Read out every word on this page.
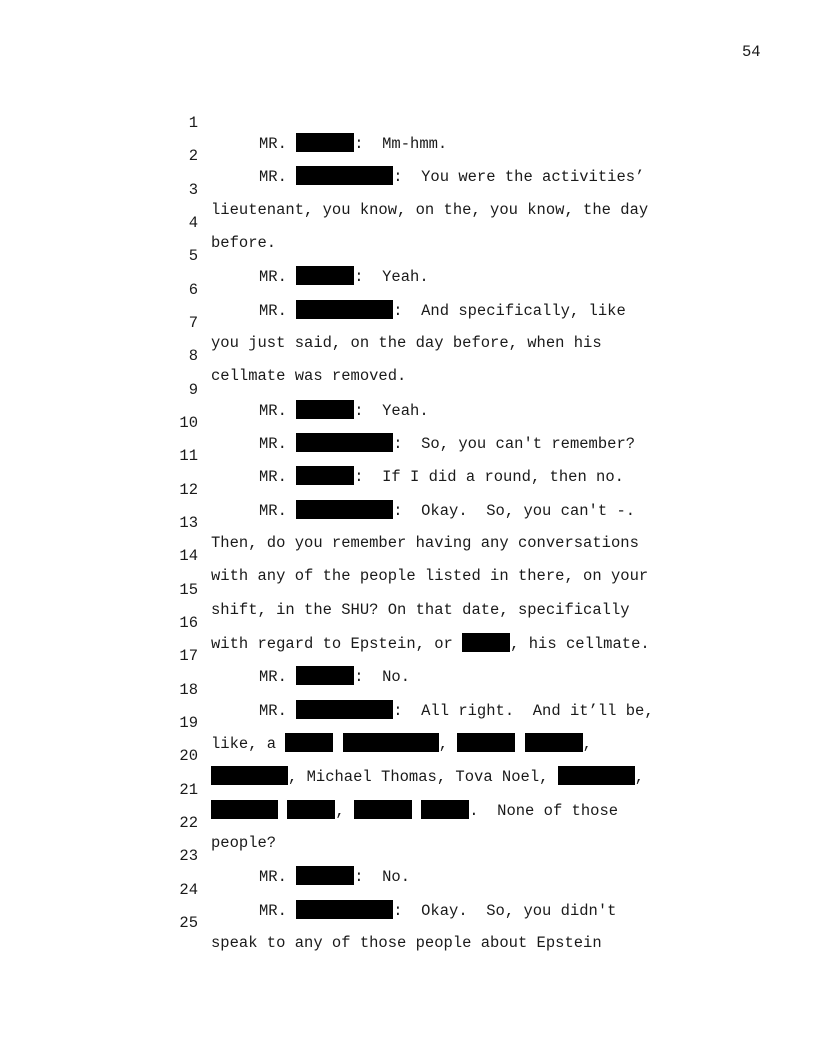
54

1

MR.	:  Mm-hmm.

2

MR.	:  You were the activities’

3

lieutenant, you know, on the, you know, the day

4

before.

5

MR.	:  Yeah.

6

MR.	:  And specifically, like

7

you just said, on the day before, when his

8

cellmate was removed.

9

MR.	:  Yeah.

10

MR.	:  So, you can't remember?

11

MR.	:  If I did a round, then no.

12

MR.	:  Okay.  So, you can't -.

13

Then, do you remember having any conversations

14

with any of the people listed in there, on your

15

shift, in the SHU? On that date, specifically

16

with regard to Epstein, or	, his cellmate.

17

MR.	:  No.

18

MR.	:  All right.  And it’ll be,

19

like, a	,	,

20

, Michael Thomas, Tova Noel,	,

21

,	.  None of those

22

people?

23

MR.	:  No.

24

MR.	:  Okay.  So, you didn't

25

speak to any of those people about Epstein
